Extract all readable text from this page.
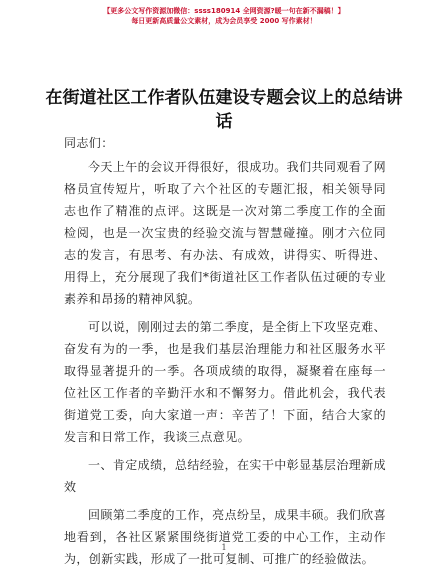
【更多公文写作资源加微信：ssss180914 全网资源?暖一句在新不漏稿！】
每日更新高质量公文素材，成为会员享受 2000 写作素材！
在街道社区工作者队伍建设专题会议上的总结讲话

同志们：

今天上午的会议开得很好，很成功。我们共同观看了网格员宣传短片，听取了六个社区的专题汇报，相关领导同志也作了精准的点评。这既是一次对第二季度工作的全面检阅，也是一次宝贵的经验交流与智慧碰撞。刚才六位同志的发言，有思考、有办法、有成效，讲得实、听得进、用得上，充分展现了我们*街道社区工作者队伍过硬的专业素养和昂扬的精神风貌。

可以说，刚刚过去的第二季度，是全街上下攻坚克难、奋发有为的一季，也是我们基层治理能力和社区服务水平取得显著提升的一季。各项成绩的取得，凝聚着在座每一位社区工作者的辛勤汗水和不懈努力。借此机会，我代表街道党工委，向大家道一声：辛苦了！下面，结合大家的发言和日常工作，我谈三点意见。

一、肯定成绩，总结经验，在实干中彰显基层治理新成效

回顾第二季度的工作，亮点纷呈，成果丰硕。我们欣喜地看到，各社区紧紧围绕街道党工委的中心工作，主动作为，创新实践，形成了一批可复制、可推广的经验做法。

1
